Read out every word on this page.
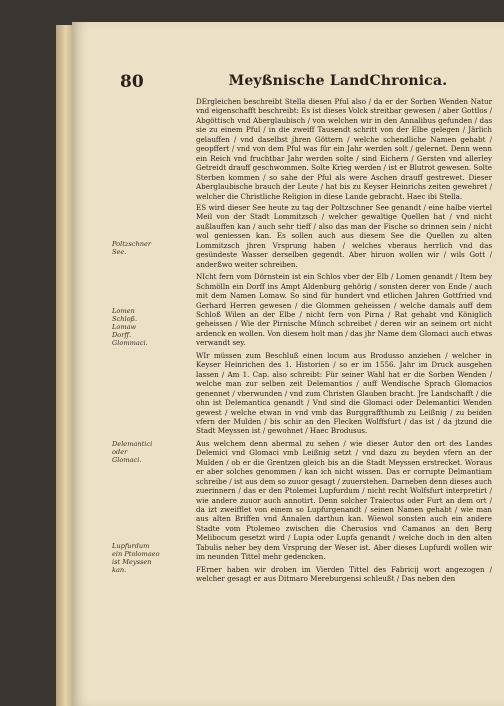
80	Meyßnische LandChronica.
Poltzschner
See.
Lomen
Schloß.
Lomaw
Dorff.
Glommaci.
Delemantici
oder
Glomaci.
Lupfurdum
ein Ptolomaeo
ist Meyssen
kan.

DErgleichen beschreibt Stella diesen Pful also / da er der Sorben Wenden Natur vnd eigenschafft beschreibt: Es ist dieses Volck streitbar gewesen / aber Gottlos / Abgöttisch vnd Aberglaubisch / von welchen wir in den Annalibus gefunden / das sie zu einem Pful / in die zweiff Tausendt schritt von der Elbe gelegen / Järlich gelauffen / vnd daselbst jhren Göttern / welche schendliche Namen gehabt / geopffert / vnd von dem Pful was für ein Jahr werden solt / gelernet. Denn wenn ein Reich vnd fruchtbar Jahr werden solte / sind Eichern / Gersten vnd allerley Getreidt drauff geschwommen. Solte Krieg werden / ist er Blutrot gewesen. Solte Sterben kommen / so sahe der Pful als were Aschen drauff gestrewet. Dieser Aberglaubische brauch der Leute / hat bis zu Keyser Heinrichs zeiten gewehret / welcher die Christliche Religion in diese Lande gebracht. Haec ibi Stella.

ES wird dieser See heute zu tag der Poltzschner See genandt / eine halbe viertel Meil von der Stadt Lommitzsch / welcher gewaltige Quellen hat / vnd nicht außlauffen kan / auch sehr tieff / also das man der Fische so drinnen sein / nicht wol geniessen kan. Es sollen auch aus diesem See die Quellen zu alten Lommitzsch jhren Vrsprung haben / welches vberaus herrlich vnd das gesündeste Wasser derselben gegendt. Aber hiruon wollen wir / wils Gott / anderßwo weiter schreiben.

NIcht fern vom Dörnstein ist ein Schlos vber der Elb / Lomen genandt / Item bey Schmölln ein Dorff ins Ampt Aldenburg gehörig / sonsten derer von Ende / auch mit dem Namen Lomaw. So sind für hundert vnd etlichen Jahren Gottfried vnd Gerhard Herren gewesen / die Glommen geheissen / welche damals auff dem Schloß Wilen an der Elbe / nicht fern von Pirna / Rat gehabt vnd Königlich geheissen / Wie der Pirnische Münch schreibet / deren wir an seinem ort nicht ardenck en wollen. Von diesem holt man / das jhr Name dem Glomaci auch etwas verwandt sey.

WIr müssen zum Beschluß einen locum aus Brodusso anziehen / welcher in Keyser Heinrichen des 1. Historien / so er im 1556. Jahr im Druck ausgehen lassen / Am 1. Cap. also schreibt: Für seiner Wahl hat er die Sorben Wenden / welche man zur selben zeit Delemantios / auff Wendische Sprach Glomacios genennet / vberwunden / vnd zum Christen Glauben bracht. Jre Landschafft / die ohn ist Delemantica genandt / Vnd sind die Glomaci oder Delemantici Wenden gewest / welche etwan in vnd vmb das Burggraffthumb zu Leißnig / zu beiden vfern der Mulden / bis schir an den Flecken Wolffsfurt / das ist / da jtzund die Stadt Meyssen ist / gewohnet / Haec Brodusus.

Aus welchem denn abermal zu sehen / wie dieser Autor den ort des Landes Delemici vnd Glomaci vmb Leißnig setzt / vnd dazu zu beyden vfern an der Mulden / ob er die Grentzen gleich bis an die Stadt Meyssen erstrecket. Woraus er aber solches genommen / kan ich nicht wissen. Das er corrupte Delmantiam schreibe / ist aus dem so zuuor gesagt / zuuerstehen. Darneben denn dieses auch zuerinnern / das er den Ptolemei Lupfurdum / nicht recht Wolfsfurt interpretirt / wie andere zuuor auch annotirt. Denn solcher Traiectus oder Furt an dem ort / da izt zweifflet von einem so Lupfurgenandt / seinen Namen gehabt / wie man aus alten Briffen vnd Annalen darthun kan. Wiewol sonsten auch ein andere Stadte vom Ptolemeo zwischen die Cherusios vnd Camanos an den Berg Melibocum gesetzt wird / Lupia oder Lupfa genandt / welche doch in den alten Tabulis neher bey dem Vrsprung der Weser ist. Aber dieses Lupfurdi wollen wir im neunden Tittel mehr gedencken.

FErner haben wir droben im Vierden Tittel des Fabricij wort angezogen / welcher gesagt er aus Ditmaro Mereburgensi schleußt / Das neben den
